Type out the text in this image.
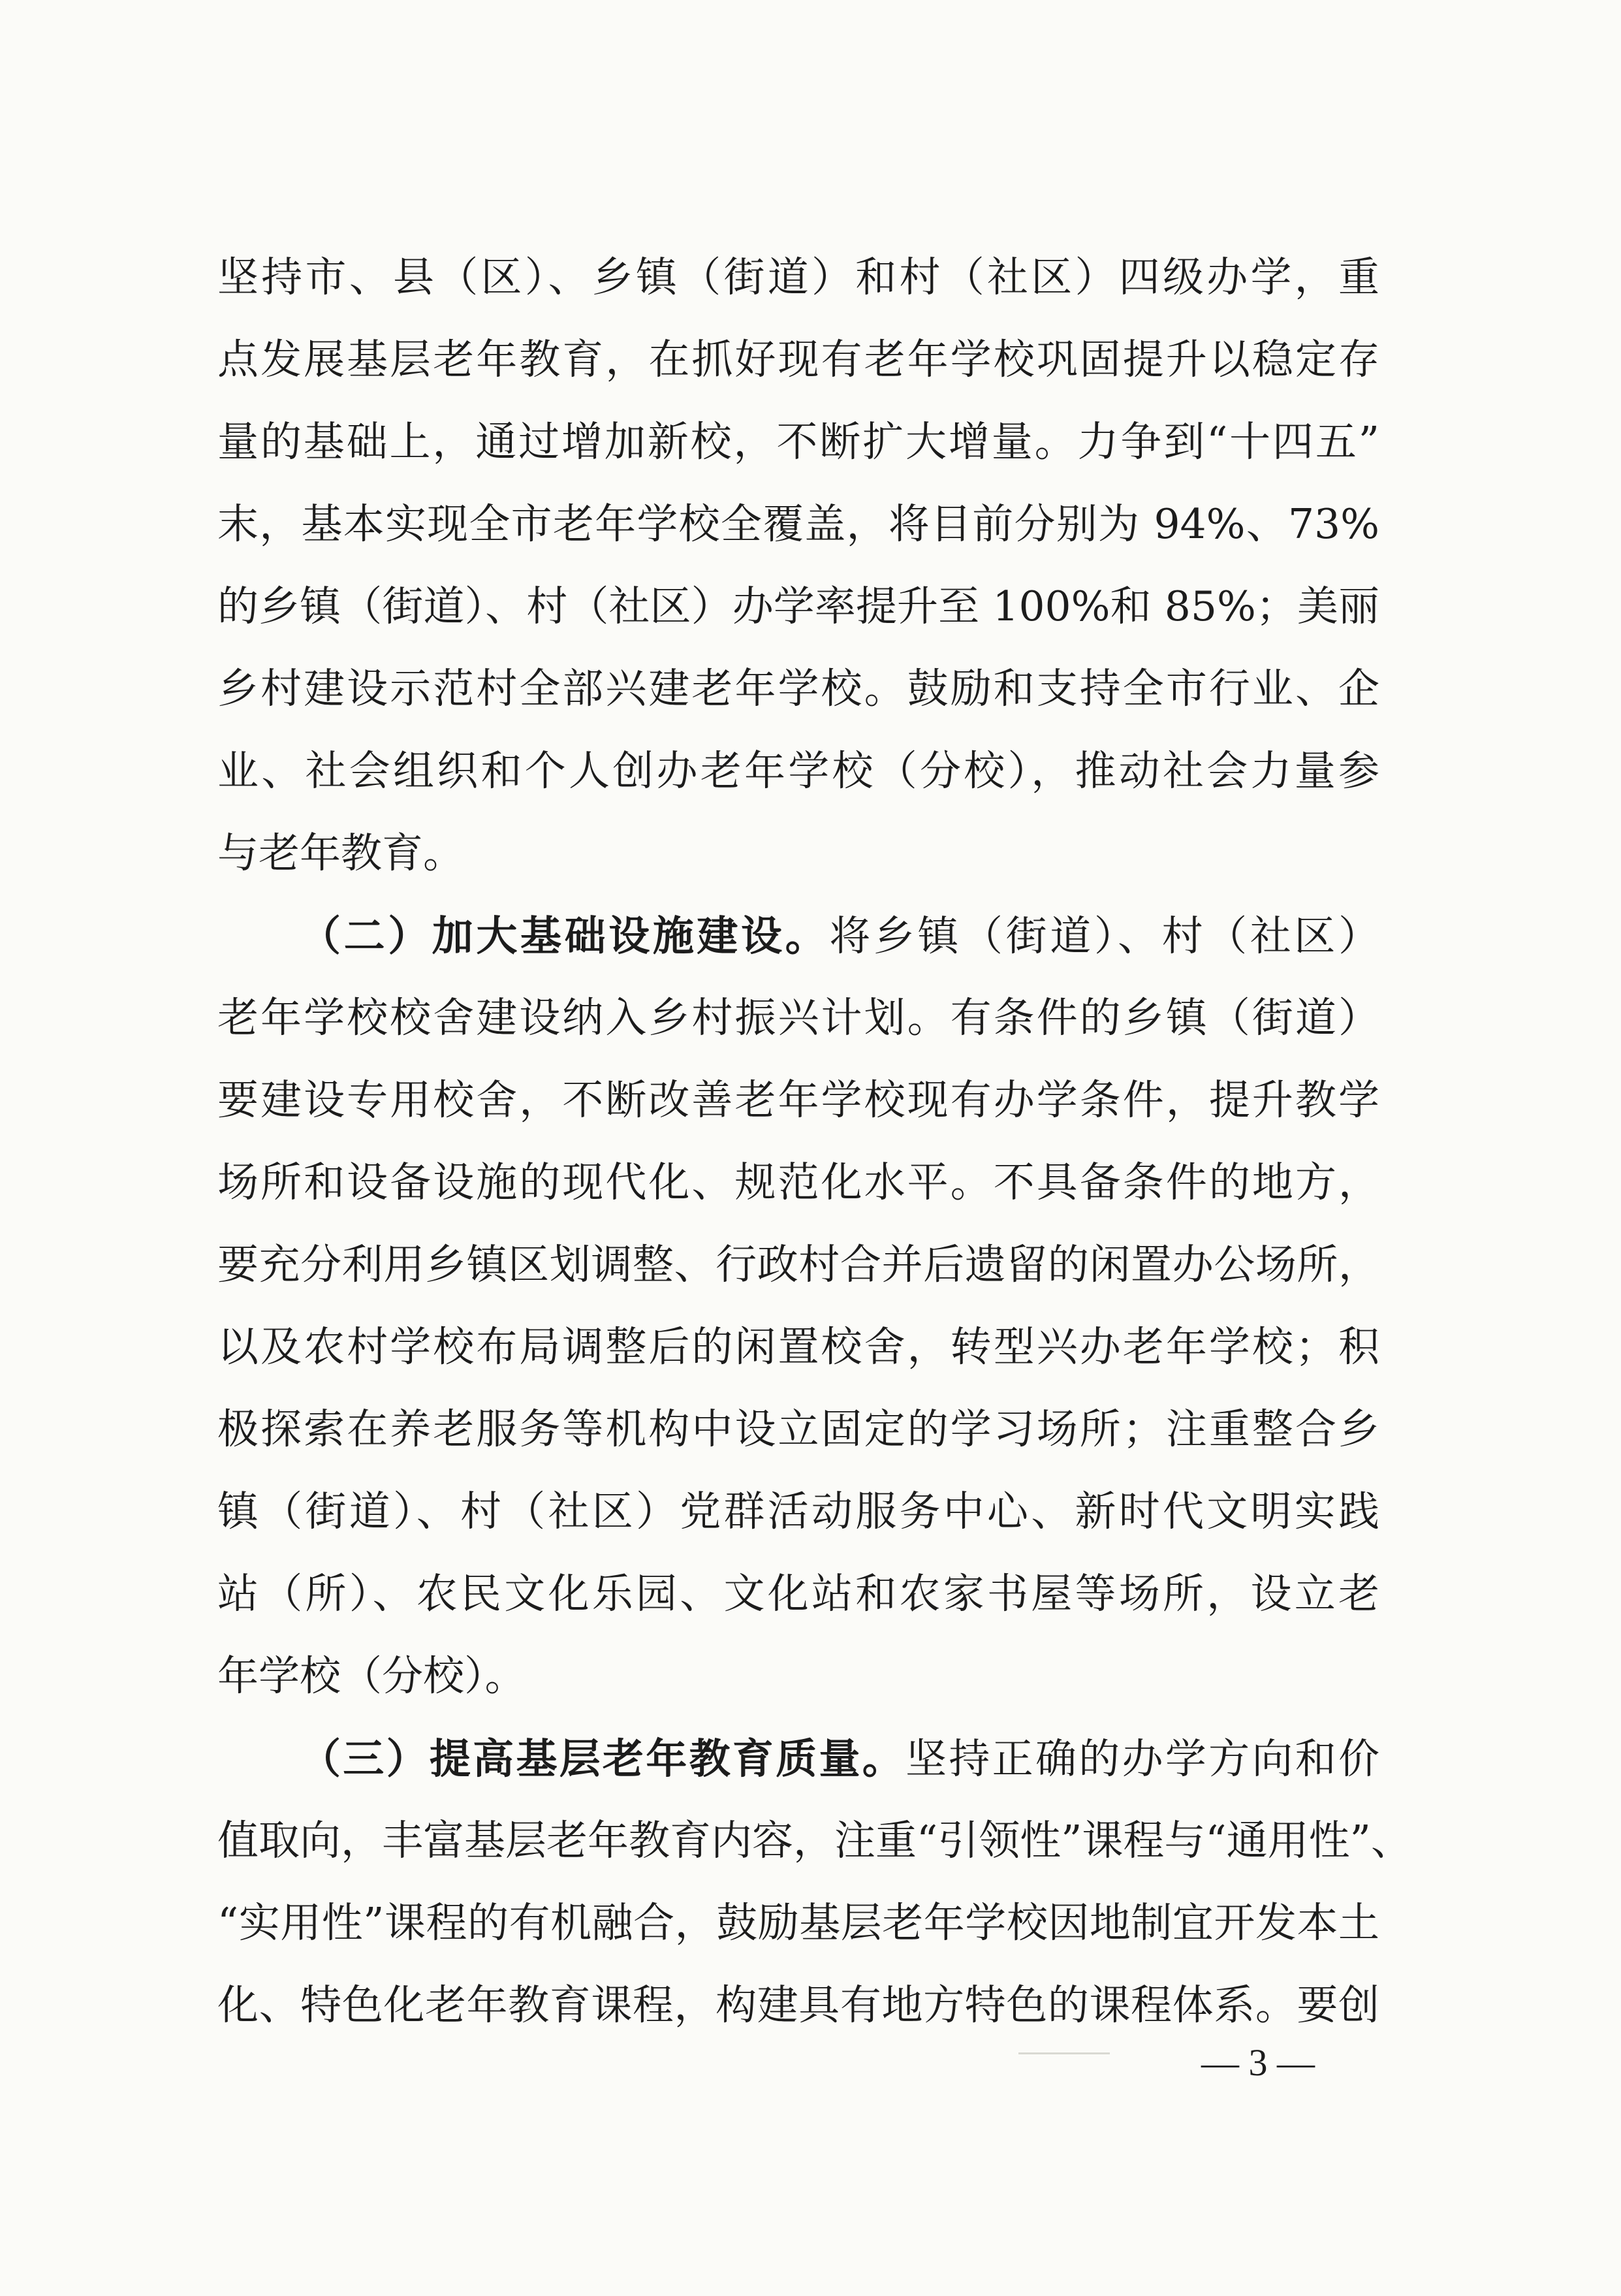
坚持市、县（区）、乡镇（街道）和村（社区）四级办学，重
点发展基层老年教育，在抓好现有老年学校巩固提升以稳定存
量的基础上，通过增加新校，不断扩大增量。力争到“十四五”
末，基本实现全市老年学校全覆盖，将目前分别为 94%、73%
的乡镇（街道）、村（社区）办学率提升至 100%和 85%；美丽
乡村建设示范村全部兴建老年学校。鼓励和支持全市行业、企
业、社会组织和个人创办老年学校（分校），推动社会力量参
与老年教育。
（二）加大基础设施建设。将乡镇（街道）、村（社区）
老年学校校舍建设纳入乡村振兴计划。有条件的乡镇（街道）
要建设专用校舍，不断改善老年学校现有办学条件，提升教学
场所和设备设施的现代化、规范化水平。不具备条件的地方，
要充分利用乡镇区划调整、行政村合并后遗留的闲置办公场所，
以及农村学校布局调整后的闲置校舍，转型兴办老年学校；积
极探索在养老服务等机构中设立固定的学习场所；注重整合乡
镇（街道）、村（社区）党群活动服务中心、新时代文明实践
站（所）、农民文化乐园、文化站和农家书屋等场所，设立老
年学校（分校）。
（三）提高基层老年教育质量。坚持正确的办学方向和价
值取向，丰富基层老年教育内容，注重“引领性”课程与“通用性”、
“实用性”课程的有机融合，鼓励基层老年学校因地制宜开发本土
化、特色化老年教育课程，构建具有地方特色的课程体系。要创
— 3 —
